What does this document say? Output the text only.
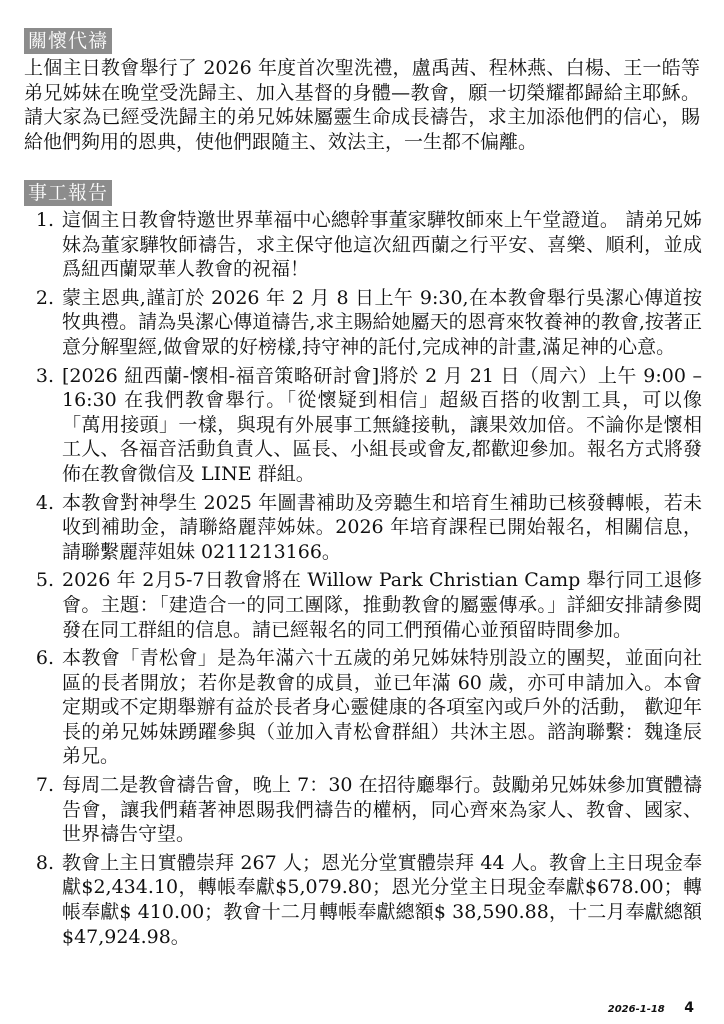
關懷代禱

上個主日教會舉行了 2026 年度首次聖洗禮，盧禹茜、程林燕、白楊、王一皓等弟兄姊妹在晚堂受洗歸主、加入基督的身體—教會，願一切榮耀都歸給主耶穌。請大家為已經受洗歸主的弟兄姊妹屬靈生命成長禱告，求主加添他們的信心，賜給他們夠用的恩典，使他們跟隨主、效法主，一生都不偏離。

事工報告
1. 這個主日教會特邀世界華福中心總幹事董家驊牧師來上午堂證道。 請弟兄姊妹為董家驊牧師禱告，求主保守他這次紐西蘭之行平安、喜樂、順利，並成爲紐西蘭眾華人教會的祝福！
2. 蒙主恩典,謹訂於 2026 年 2 月 8 日上午 9:30,在本教會舉行吳潔心傳道按牧典禮。請為吳潔心傳道禱告,求主賜給她屬天的恩膏來牧養神的教會,按著正意分解聖經,做會眾的好榜樣,持守神的託付,完成神的計畫,滿足神的心意。
3. [2026 紐西蘭-懷相-福音策略研討會]將於 2 月 21 日（周六）上午 9:00 – 16:30 在我們教會舉行。「從懷疑到相信」超級百搭的收割工具，可以像「萬用接頭」一樣，與現有外展事工無縫接軌，讓果效加倍。不論你是懷相工人、各福音活動負責人、區長、小組長或會友,都歡迎參加。報名方式將發佈在教會微信及 LINE 群組。
4. 本教會對神學生 2025 年圖書補助及旁聽生和培育生補助已核發轉帳，若未收到補助金，請聯絡麗萍姊妹。2026 年培育課程已開始報名，相關信息，請聯繫麗萍姐妹 0211213166。
5. 2026 年 2月5-7日教會將在 Willow Park Christian Camp 舉行同工退修會。主題：「建造合一的同工團隊，推動教會的屬靈傳承。」詳細安排請參閱發在同工群組的信息。請已經報名的同工們預備心並預留時間參加。
6. 本教會「青松會」是為年滿六十五歲的弟兄姊妹特別設立的團契，並面向社區的長者開放；若你是教會的成員，並已年滿 60 歲，亦可申請加入。本會定期或不定期舉辦有益於長者身心靈健康的各項室內或戶外的活動， 歡迎年長的弟兄姊妹踴躍參與（並加入青松會群組）共沐主恩。諮詢聯繫：魏逢辰弟兄。
7. 每周二是教會禱告會，晚上 7：30 在招待廳舉行。鼓勵弟兄姊妹參加實體禱告會，讓我們藉著神恩賜我們禱告的權柄，同心齊來為家人、教會、國家、世界禱告守望。
8. 教會上主日實體崇拜 267 人；恩光分堂實體崇拜 44 人。教會上主日現金奉獻$2,434.10，轉帳奉獻$5,079.80；恩光分堂主日現金奉獻$678.00；轉帳奉獻$ 410.00；教會十二月轉帳奉獻總額$ 38,590.88，十二月奉獻總額$47,924.98。
2026-1-18 4
